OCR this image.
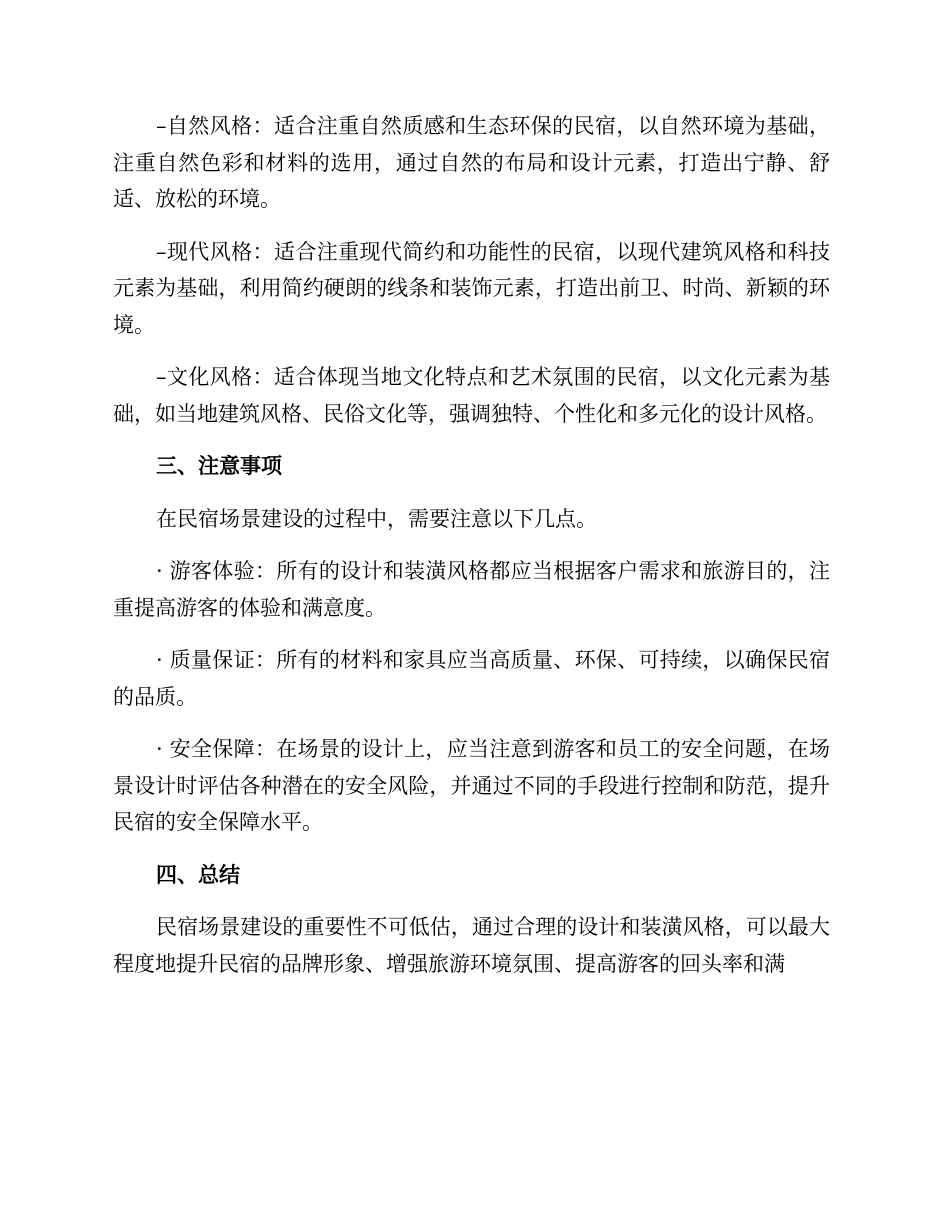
–自然风格：适合注重自然质感和生态环保的民宿，以自然环境为基础，注重自然色彩和材料的选用，通过自然的布局和设计元素，打造出宁静、舒适、放松的环境。

–现代风格：适合注重现代简约和功能性的民宿，以现代建筑风格和科技元素为基础，利用简约硬朗的线条和装饰元素，打造出前卫、时尚、新颖的环境。

–文化风格：适合体现当地文化特点和艺术氛围的民宿，以文化元素为基础，如当地建筑风格、民俗文化等，强调独特、个性化和多元化的设计风格。

三、注意事项

在民宿场景建设的过程中，需要注意以下几点。

· 游客体验：所有的设计和装潢风格都应当根据客户需求和旅游目的，注重提高游客的体验和满意度。

· 质量保证：所有的材料和家具应当高质量、环保、可持续，以确保民宿的品质。

· 安全保障：在场景的设计上，应当注意到游客和员工的安全问题，在场景设计时评估各种潜在的安全风险，并通过不同的手段进行控制和防范，提升民宿的安全保障水平。

四、总结

民宿场景建设的重要性不可低估，通过合理的设计和装潢风格，可以最大程度地提升民宿的品牌形象、增强旅游环境氛围、提高游客的回头率和满
